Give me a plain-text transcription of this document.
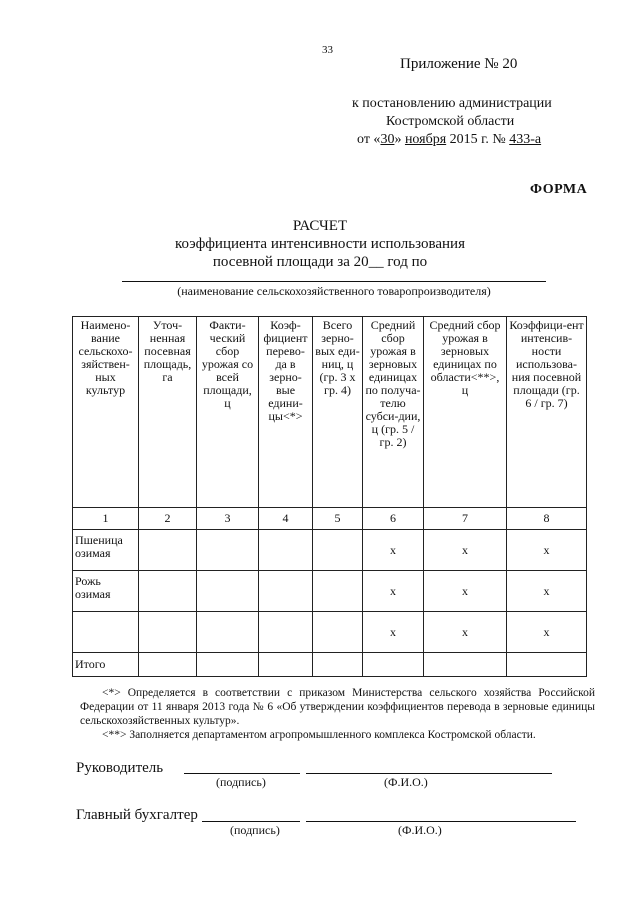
33
Приложение № 20
к постановлению администрации
Костромской области
от «30» ноября 2015 г. № 433-а
ФОРМА
РАСЧЕТ
коэффициента интенсивности использования
посевной площади за 20__ год по
(наименование сельскохозяйственного товаропроизводителя)
Наимено-вание сельскохо-зяйствен-ных культур	Уточ-ненная посевная площадь, га	Факти-ческий сбор урожая со всей площади, ц	Коэф-фициент перево-да в зерно-вые едини-цы<*>	Всего зерно-вых еди-ниц, ц (гр. 3 х гр. 4)	Средний сбор урожая в зерновых единицах по получа-телю субси-дии, ц (гр. 5 / гр. 2)	Средний сбор урожая в зерновых единицах по области<**>, ц	Коэффици-ент интенсив-ности использова-ния посевной площади (гр. 6 / гр. 7)
1	2	3	4	5	6	7	8
Пшеница озимая					х	х	х
Рожь озимая					х	х	х
					х	х	х
Итого							
<*> Определяется в соответствии с приказом Министерства сельского хозяйства Российской Федерации от 11 января 2013 года № 6 «Об утверждении коэффициентов перевода в зерновые единицы сельскохозяйственных культур».
<**> Заполняется департаментом агропромышленного комплекса Костромской области.
Руководитель
(подпись)	(Ф.И.О.)
Главный бухгалтер
(подпись)	(Ф.И.О.)
